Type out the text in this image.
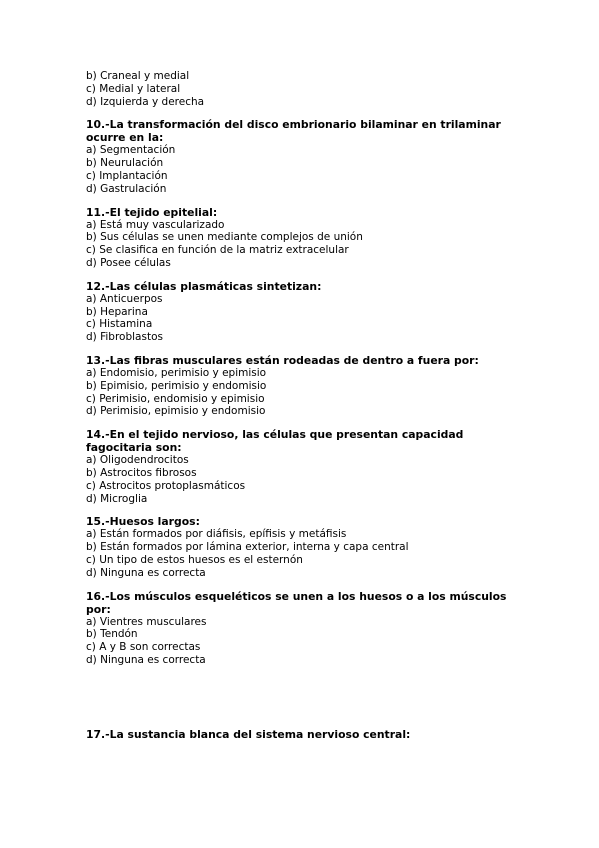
b) Craneal y medial
c) Medial y lateral
d) Izquierda y derecha
10.-La transformación del disco embrionario bilaminar en trilaminar ocurre en la:
a) Segmentación
b) Neurulación
c) Implantación
d) Gastrulación
11.-El tejido epitelial:
a) Está muy vascularizado
b) Sus células se unen mediante complejos de unión
c) Se clasifica en función de la matriz extracelular
d) Posee células
12.-Las células plasmáticas sintetizan:
a) Anticuerpos
b) Heparina
c) Histamina
d) Fibroblastos
13.-Las fibras musculares están rodeadas de dentro a fuera por:
a) Endomisio, perimisio y epimisio
b) Epimisio, perimisio y endomisio
c) Perimisio, endomisio y epimisio
d) Perimisio, epimisio y endomisio
14.-En el tejido nervioso, las células que presentan capacidad fagocitaria son:
a) Oligodendrocitos
b) Astrocitos fibrosos
c) Astrocitos protoplasmáticos
d) Microglia
15.-Huesos largos:
a) Están formados por diáfisis, epífisis y metáfisis
b) Están formados por lámina exterior, interna y capa central
c) Un tipo de estos huesos es el esternón
d) Ninguna es correcta
16.-Los músculos esqueléticos se unen a los huesos o a los músculos por:
a) Vientres musculares
b) Tendón
c) A y B son correctas
d) Ninguna es correcta
17.-La sustancia blanca del sistema nervioso central:
